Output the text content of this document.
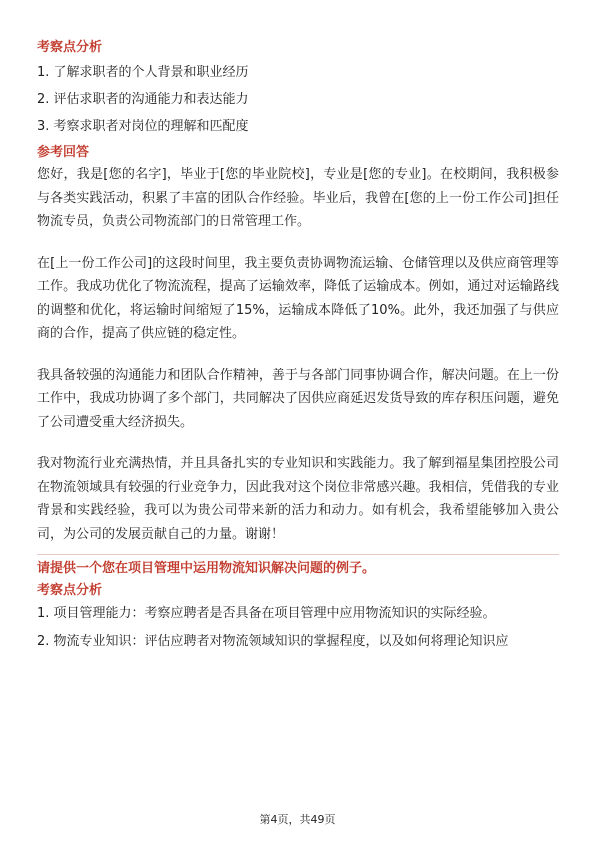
考察点分析

1. 了解求职者的个人背景和职业经历

2. 评估求职者的沟通能力和表达能力

3. 考察求职者对岗位的理解和匹配度

参考回答

您好，我是[您的名字]，毕业于[您的毕业院校]，专业是[您的专业]。在校期间，我积极参与各类实践活动，积累了丰富的团队合作经验。毕业后，我曾在[您的上一份工作公司]担任物流专员，负责公司物流部门的日常管理工作。

在[上一份工作公司]的这段时间里，我主要负责协调物流运输、仓储管理以及供应商管理等工作。我成功优化了物流流程，提高了运输效率，降低了运输成本。例如，通过对运输路线的调整和优化，将运输时间缩短了15%，运输成本降低了10%。此外，我还加强了与供应商的合作，提高了供应链的稳定性。

我具备较强的沟通能力和团队合作精神，善于与各部门同事协调合作，解决问题。在上一份工作中，我成功协调了多个部门，共同解决了因供应商延迟发货导致的库存积压问题，避免了公司遭受重大经济损失。

我对物流行业充满热情，并且具备扎实的专业知识和实践能力。我了解到福星集团控股公司在物流领域具有较强的行业竞争力，因此我对这个岗位非常感兴趣。我相信，凭借我的专业背景和实践经验，我可以为贵公司带来新的活力和动力。如有机会，我希望能够加入贵公司，为公司的发展贡献自己的力量。谢谢！

请提供一个您在项目管理中运用物流知识解决问题的例子。

考察点分析

1. 项目管理能力：考察应聘者是否具备在项目管理中应用物流知识的实际经验。

2. 物流专业知识：评估应聘者对物流领域知识的掌握程度，以及如何将理论知识应

第4页，共49页
